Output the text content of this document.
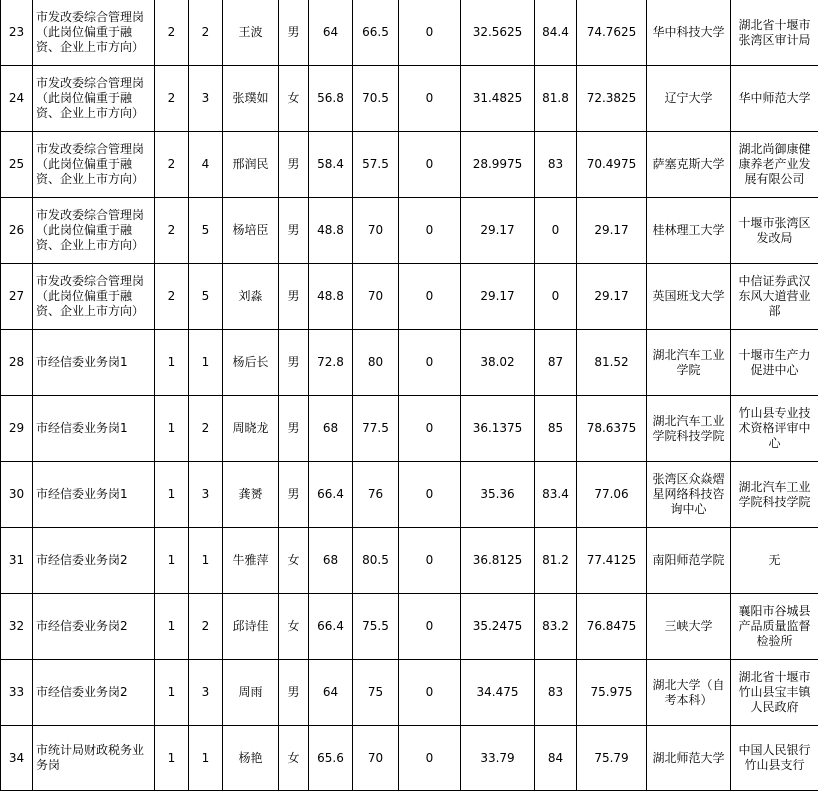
23	市发改委综合管理岗（此岗位偏重于融资、企业上市方向）	2	2	王波	男	64	66.5	0	32.5625	84.4	74.7625	华中科技大学	湖北省十堰市张湾区审计局
24	市发改委综合管理岗（此岗位偏重于融资、企业上市方向）	2	3	张璞如	女	56.8	70.5	0	31.4825	81.8	72.3825	辽宁大学	华中师范大学
25	市发改委综合管理岗（此岗位偏重于融资、企业上市方向）	2	4	邢润民	男	58.4	57.5	0	28.9975	83	70.4975	萨塞克斯大学	湖北尚御康健康养老产业发展有限公司
26	市发改委综合管理岗（此岗位偏重于融资、企业上市方向）	2	5	杨培臣	男	48.8	70	0	29.17	0	29.17	桂林理工大学	十堰市张湾区发改局
27	市发改委综合管理岗（此岗位偏重于融资、企业上市方向）	2	5	刘淼	男	48.8	70	0	29.17	0	29.17	英国班戈大学	中信证券武汉东风大道营业部
28	市经信委业务岗1	1	1	杨后长	男	72.8	80	0	38.02	87	81.52	湖北汽车工业学院	十堰市生产力促进中心
29	市经信委业务岗1	1	2	周晓龙	男	68	77.5	0	36.1375	85	78.6375	湖北汽车工业学院科技学院	竹山县专业技术资格评审中心
30	市经信委业务岗1	1	3	龚赟	男	66.4	76	0	35.36	83.4	77.06	张湾区众焱熠星网络科技咨询中心	湖北汽车工业学院科技学院
31	市经信委业务岗2	1	1	牛雅萍	女	68	80.5	0	36.8125	81.2	77.4125	南阳师范学院	无
32	市经信委业务岗2	1	2	邱诗佳	女	66.4	75.5	0	35.2475	83.2	76.8475	三峡大学	襄阳市谷城县产品质量监督检验所
33	市经信委业务岗2	1	3	周雨	男	64	75	0	34.475	83	75.975	湖北大学（自考本科）	湖北省十堰市竹山县宝丰镇人民政府
34	市统计局财政税务业务岗	1	1	杨艳	女	65.6	70	0	33.79	84	75.79	湖北师范大学	中国人民银行竹山县支行
